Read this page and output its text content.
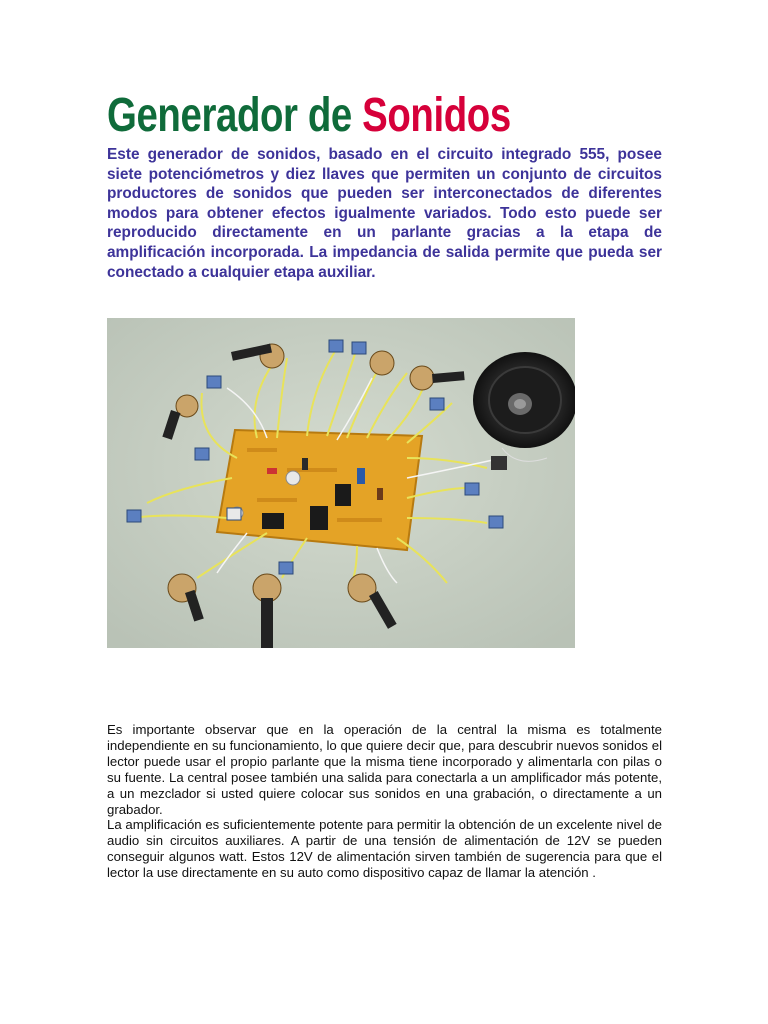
Generador de Sonidos

Este generador de sonidos, basado en el circuito integrado 555, posee siete potenciómetros y diez llaves que permiten un conjunto de circuitos productores de sonidos que pueden ser interconectados de diferentes modos para obtener efectos igualmente variados. Todo esto puede ser reproducido directamente en un parlante gracias a la etapa de amplificación incorporada. La impedancia de salida permite que pueda ser conectado a cualquier etapa auxiliar.

Es importante observar que en la operación de la central la misma es totalmente independiente en su funcionamiento, lo que quiere decir que, para descubrir nuevos sonidos el lector puede usar el propio parlante que la misma tiene incorporado y alimentarla con pilas o su fuente. La central posee también una salida para conectarla a un amplificador más potente, a un mezclador si usted quiere colocar sus sonidos en una grabación, o directamente a un grabador.

La amplificación es suficientemente potente para permitir la obtención de un excelente nivel de audio sin circuitos auxiliares. A partir de una tensión de alimentación de 12V se pueden conseguir algunos watt. Estos 12V de alimentación sirven también de sugerencia para que el lector la use directamente en su auto como dispositivo capaz de llamar la atención .
